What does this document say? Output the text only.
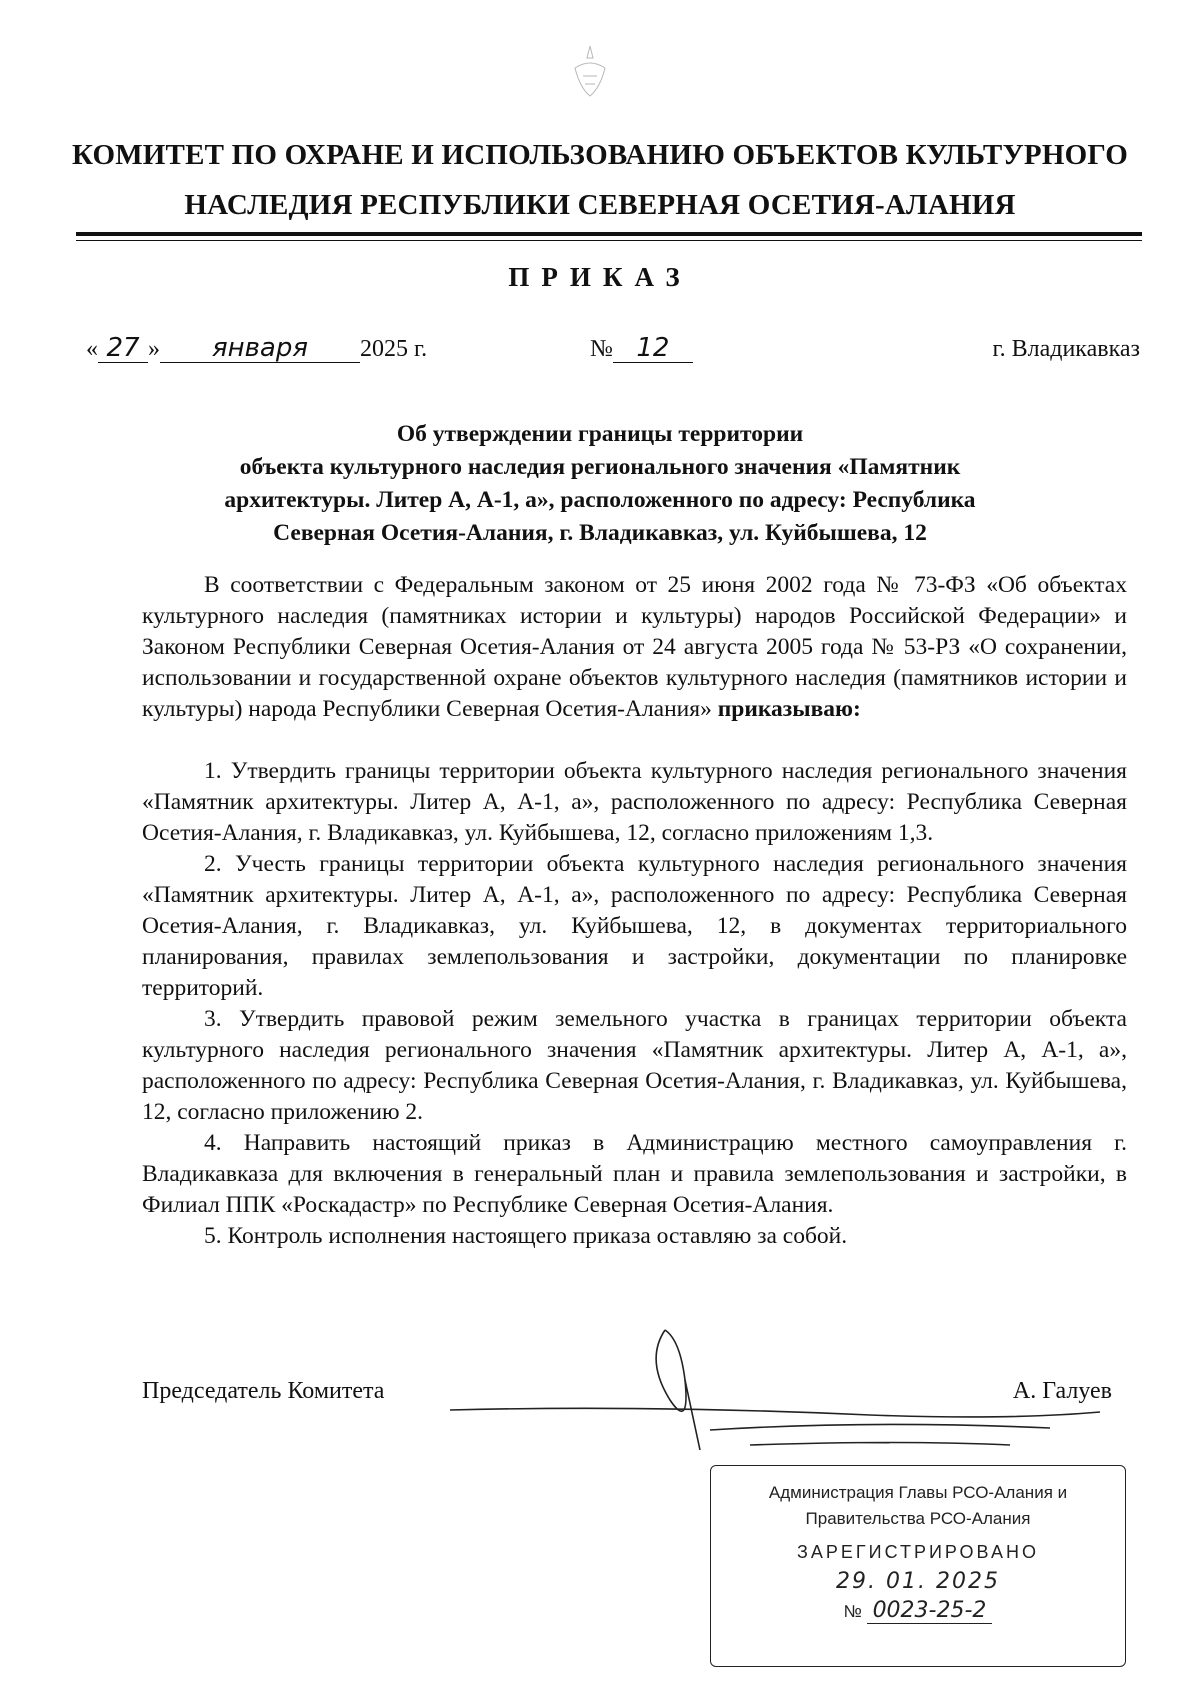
КОМИТЕТ ПО ОХРАНЕ И ИСПОЛЬЗОВАНИЮ ОБЪЕКТОВ КУЛЬТУРНОГО
НАСЛЕДИЯ РЕСПУБЛИКИ СЕВЕРНАЯ ОСЕТИЯ-АЛАНИЯ
ПРИКАЗ
« 27 » января 2025 г.	№ 12	г. Владикавказ
Об утверждении границы территории
объекта культурного наследия регионального значения «Памятник
архитектуры. Литер А, А-1, а», расположенного по адресу: Республика
Северная Осетия-Алания, г. Владикавказ, ул. Куйбышева, 12

В соответствии с Федеральным законом от 25 июня 2002 года № 73-ФЗ «Об объектах культурного наследия (памятниках истории и культуры) народов Российской Федерации» и Законом Республики Северная Осетия-Алания от 24 августа 2005 года № 53-РЗ «О сохранении, использовании и государственной охране объектов культурного наследия (памятников истории и культуры) народа Республики Северная Осетия-Алания» приказываю:

1. Утвердить границы территории объекта культурного наследия регионального значения «Памятник архитектуры. Литер А, А-1, а», расположенного по адресу: Республика Северная Осетия-Алания, г. Владикавказ, ул. Куйбышева, 12, согласно приложениям 1,3.

2. Учесть границы территории объекта культурного наследия регионального значения «Памятник архитектуры. Литер А, А-1, а», расположенного по адресу: Республика Северная Осетия-Алания, г. Владикавказ, ул. Куйбышева, 12, в документах территориального планирования, правилах землепользования и застройки, документации по планировке территорий.

3. Утвердить правовой режим земельного участка в границах территории объекта культурного наследия регионального значения «Памятник архитектуры. Литер А, А-1, а», расположенного по адресу: Республика Северная Осетия-Алания, г. Владикавказ, ул. Куйбышева, 12, согласно приложению 2.

4. Направить настоящий приказ в Администрацию местного самоуправления г. Владикавказа для включения в генеральный план и правила землепользования и застройки, в Филиал ППК «Роскадастр» по Республике Северная Осетия-Алания.

5. Контроль исполнения настоящего приказа оставляю за собой.

Председатель Комитета	А. Галуев
Администрация Главы РСО-Алания и
Правительства РСО-Алания
ЗАРЕГИСТРИРОВАНО
29. 01. 2025
№ 0023-25-2
